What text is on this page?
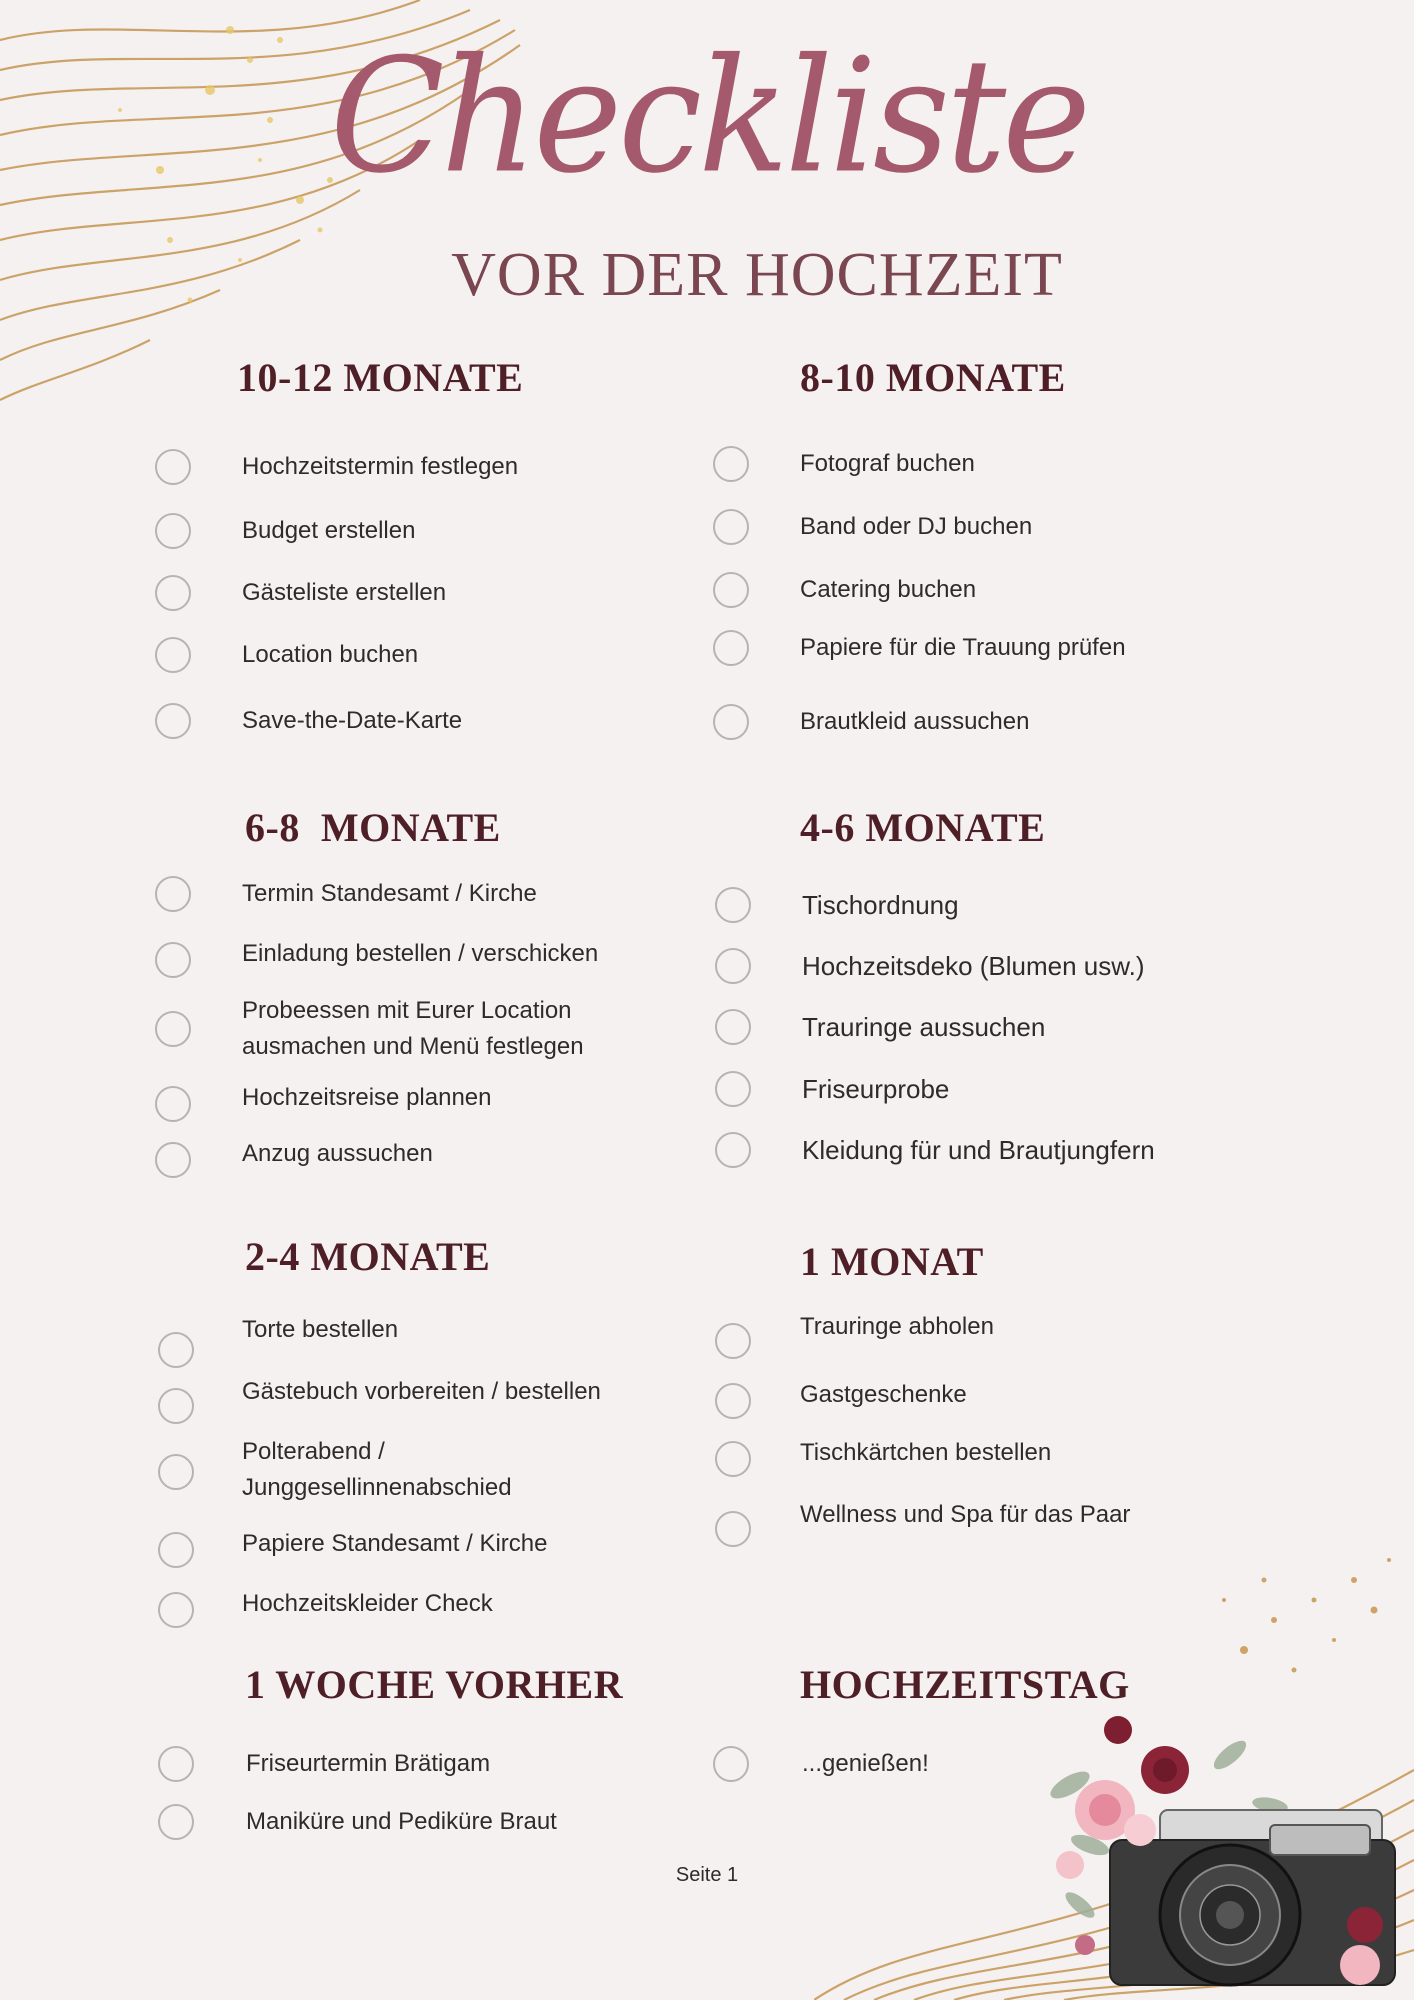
Checkliste
VOR DER HOCHZEIT
10-12 MONATE
Hochzeitstermin festlegen
Budget erstellen
Gästeliste erstellen
Location buchen
Save-the-Date-Karte
8-10 MONATE
Fotograf buchen
Band oder DJ buchen
Catering buchen
Papiere für die Trauung prüfen
Brautkleid aussuchen
6-8  MONATE
Termin Standesamt / Kirche
Einladung bestellen / verschicken
Probeessen mit Eurer Location ausmachen und Menü festlegen
Hochzeitsreise plannen
Anzug aussuchen
4-6 MONATE
Tischordnung
Hochzeitsdeko (Blumen usw.)
Trauringe aussuchen
Friseurprobe
Kleidung für und Brautjungfern
2-4 MONATE
Torte bestellen
Gästebuch vorbereiten / bestellen
Polterabend / Junggesellinnenabschied
Papiere Standesamt / Kirche
Hochzeitskleider Check
1 MONAT
Trauringe abholen
Gastgeschenke
Tischkärtchen bestellen
Wellness und Spa für das Paar
1 WOCHE VORHER
Friseurtermin Brätigam
Maniküre und Pediküre Braut
HOCHZEITSTAG
...genießen!
Seite 1
